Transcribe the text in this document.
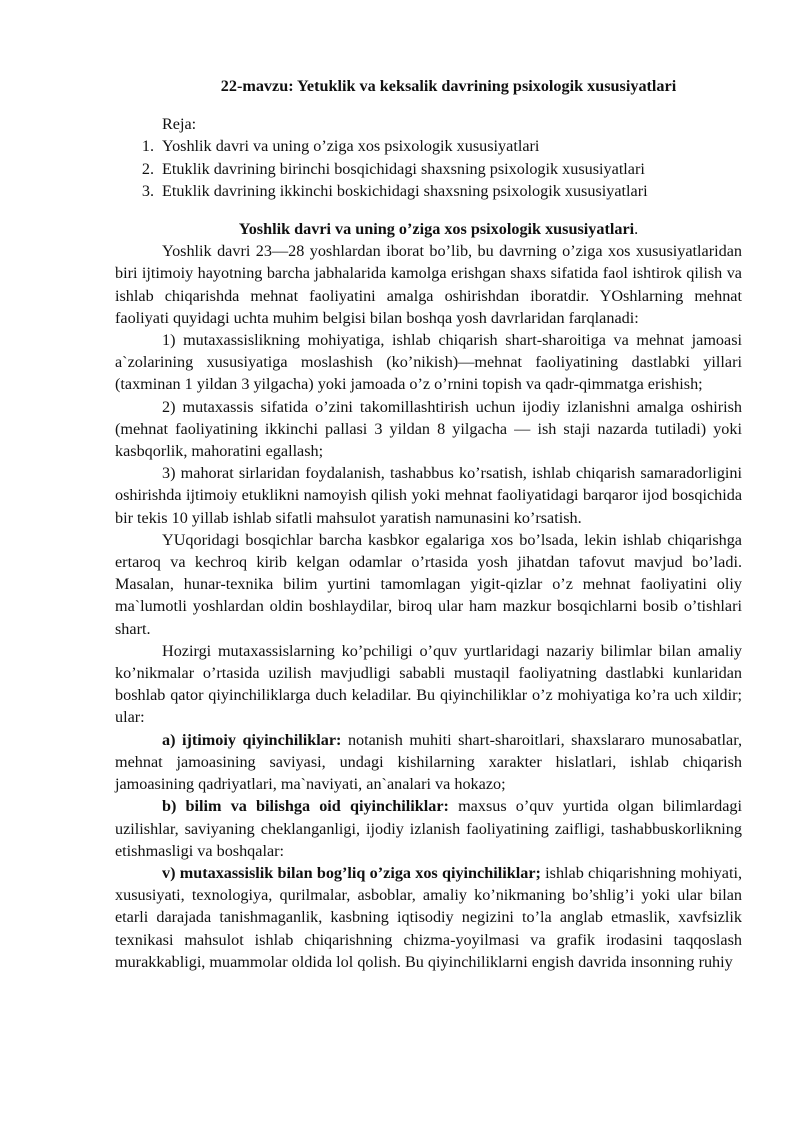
22-mavzu: Yetuklik va keksalik davrining psixologik xususiyatlari
Reja:
1. Yoshlik davri va uning o’ziga xos psixologik xususiyatlari
2. Etuklik davrining birinchi bosqichidagi shaxsning psixologik xususiyatlari
3. Etuklik davrining ikkinchi boskichidagi shaxsning psixologik xususiyatlari
Yoshlik davri va uning o’ziga xos psixologik xususiyatlari.

Yoshlik davri 23—28 yoshlardan iborat bo’lib, bu davrning o’ziga xos xususiyatlaridan biri ijtimoiy hayotning barcha jabhalarida kamolga erishgan shaxs sifatida faol ishtirok qilish va ishlab chiqarishda mehnat faoliyatini amalga oshirishdan iboratdir. YOshlarning mehnat faoliyati quyidagi uchta muhim belgisi bilan boshqa yosh davrlaridan farqlanadi:

1) mutaxassislikning mohiyatiga, ishlab chiqarish shart-sharoitiga va mehnat jamoasi a`zolarining xususiyatiga moslashish (ko’nikish)—mehnat faoliyatining dastlabki yillari (taxminan 1 yildan 3 yilgacha) yoki jamoada o’z o’rnini topish va qadr-qimmatga erishish;

2) mutaxassis sifatida o’zini takomillashtirish uchun ijodiy izlanishni amalga oshirish (mehnat faoliyatining ikkinchi pallasi 3 yildan 8 yilgacha — ish staji nazarda tutiladi) yoki kasbqorlik, mahoratini egallash;

3) mahorat sirlaridan foydalanish, tashabbus ko’rsatish, ishlab chiqarish samaradorligini oshirishda ijtimoiy etuklikni namoyish qilish yoki mehnat faoliyatidagi barqaror ijod bosqichida bir tekis 10 yillab ishlab sifatli mahsulot yaratish namunasini ko’rsatish.

YUqoridagi bosqichlar barcha kasbkor egalariga xos bo’lsada, lekin ishlab chiqarishga ertaroq va kechroq kirib kelgan odamlar o’rtasida yosh jihatdan tafovut mavjud bo’ladi. Masalan, hunar-texnika bilim yurtini tamomlagan yigit-qizlar o’z mehnat faoliyatini oliy ma`lumotli yoshlardan oldin boshlaydilar, biroq ular ham mazkur bosqichlarni bosib o’tishlari shart.

Hozirgi mutaxassislarning ko’pchiligi o’quv yurtlaridagi nazariy bilimlar bilan amaliy ko’nikmalar o’rtasida uzilish mavjudligi sababli mustaqil faoliyatning dastlabki kunlaridan boshlab qator qiyinchiliklarga duch keladilar. Bu qiyinchiliklar o’z mohiyatiga ko’ra uch xildir; ular:

a) ijtimoiy qiyinchiliklar: notanish muhiti shart-sharoitlari, shaxslararo munosabatlar, mehnat jamoasining saviyasi, undagi kishilarning xarakter hislatlari, ishlab chiqarish jamoasining qadriyatlari, ma`naviyati, an`analari va hokazo;

b) bilim va bilishga oid qiyinchiliklar: maxsus o’quv yurtida olgan bilimlardagi uzilishlar, saviyaning cheklanganligi, ijodiy izlanish faoliyatining zaifligi, tashabbuskorlikning etishmasligi va boshqalar:

v) mutaxassislik bilan bog’liq o’ziga xos qiyinchiliklar; ishlab chiqarishning mohiyati, xususiyati, texnologiya, qurilmalar, asboblar, amaliy ko’nikmaning bo’shlig’i yoki ular bilan etarli darajada tanishmaganlik, kasbning iqtisodiy negizini to’la anglab etmaslik, xavfsizlik texnikasi mahsulot ishlab chiqarishning chizma-yoyilmasi va grafik irodasini taqqoslash murakkabligi, muammolar oldida lol qolish. Bu qiyinchiliklarni engish davrida insonning ruhiy
